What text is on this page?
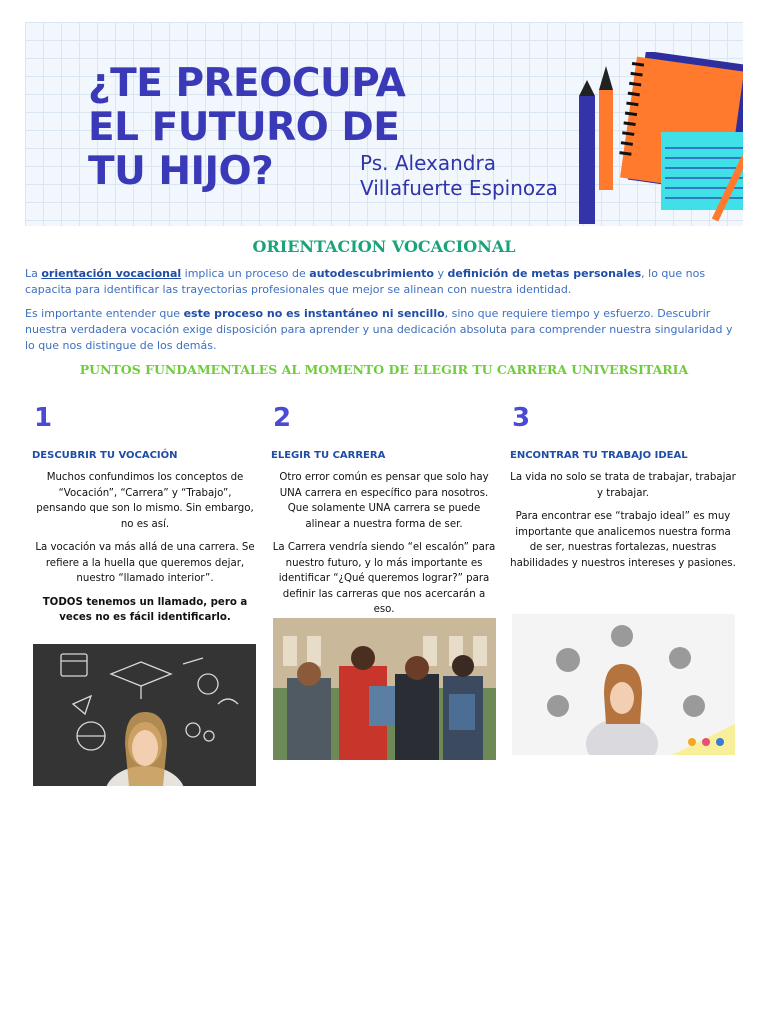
¿TE PREOCUPA
EL FUTURO DE
TU HIJO?	Ps. Alexandra
Villafuerte Espinoza
ORIENTACION VOCACIONAL

La orientación vocacional implica un proceso de autodescubrimiento y definición de metas personales, lo que nos capacita para identificar las trayectorias profesionales que mejor se alinean con nuestra identidad.

Es importante entender que este proceso no es instantáneo ni sencillo, sino que requiere tiempo y esfuerzo. Descubrir nuestra verdadera vocación exige disposición para aprender y una dedicación absoluta para comprender nuestra singularidad y lo que nos distingue de los demás.

PUNTOS FUNDAMENTALES AL MOMENTO DE ELEGIR TU CARRERA UNIVERSITARIA
1
DESCUBRIR TU VOCACIÓN

Muchos confundimos los conceptos de “Vocación”, “Carrera” y “Trabajo”, pensando que son lo mismo. Sin embargo, no es así.

La vocación va más allá de una carrera. Se refiere a la huella que queremos dejar, nuestro “llamado interior”.

TODOS tenemos un llamado, pero a veces no es fácil identificarlo.

2
ELEGIR TU CARRERA

Otro error común es pensar que solo hay UNA carrera en específico para nosotros. Que solamente UNA carrera se puede alinear a nuestra forma de ser.

La Carrera vendría siendo “el escalón” para nuestro futuro, y lo más importante es identificar “¿Qué queremos lograr?” para definir las carreras que nos acercarán a eso.

3
ENCONTRAR TU TRABAJO IDEAL

La vida no solo se trata de trabajar, trabajar y trabajar.

Para encontrar ese “trabajo ideal” es muy importante que analicemos nuestra forma de ser, nuestras fortalezas, nuestras habilidades y nuestros intereses y pasiones.
